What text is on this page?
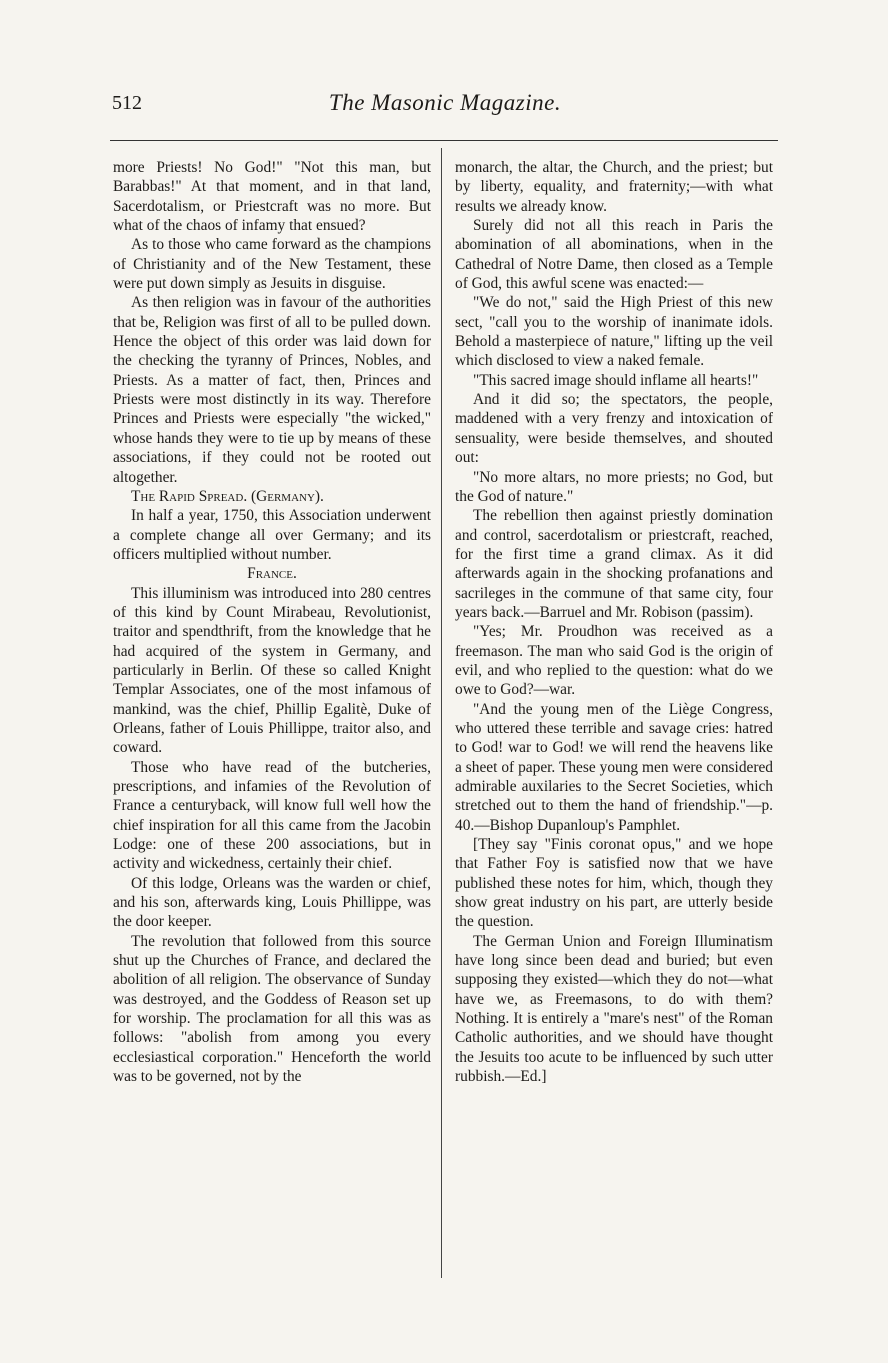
512	The Masonic Magazine.

more Priests! No God!" "Not this man, but Barabbas!" At that moment, and in that land, Sacerdotalism, or Priestcraft was no more. But what of the chaos of infamy that ensued?

As to those who came forward as the champions of Christianity and of the New Testament, these were put down simply as Jesuits in disguise.

As then religion was in favour of the authorities that be, Religion was first of all to be pulled down. Hence the object of this order was laid down for the checking the tyranny of Princes, Nobles, and Priests. As a matter of fact, then, Princes and Priests were most distinctly in its way. Therefore Princes and Priests were especially "the wicked," whose hands they were to tie up by means of these associations, if they could not be rooted out altogether.

The Rapid Spread. (Germany).

In half a year, 1750, this Association underwent a complete change all over Germany; and its officers multiplied without number.

France.

This illuminism was introduced into 280 centres of this kind by Count Mirabeau, Revolutionist, traitor and spendthrift, from the knowledge that he had acquired of the system in Germany, and particularly in Berlin. Of these so called Knight Templar Associates, one of the most infamous of mankind, was the chief, Phillip Egalitè, Duke of Orleans, father of Louis Phillippe, traitor also, and coward.

Those who have read of the butcheries, prescriptions, and infamies of the Revolution of France a centuryback, will know full well how the chief inspiration for all this came from the Jacobin Lodge: one of these 200 associations, but in activity and wickedness, certainly their chief.

Of this lodge, Orleans was the warden or chief, and his son, afterwards king, Louis Phillippe, was the door keeper.

The revolution that followed from this source shut up the Churches of France, and declared the abolition of all religion. The observance of Sunday was destroyed, and the Goddess of Reason set up for worship. The proclamation for all this was as follows: "abolish from among you every ecclesiastical corporation." Henceforth the world was to be governed, not by the

monarch, the altar, the Church, and the priest; but by liberty, equality, and fraternity;—with what results we already know.

Surely did not all this reach in Paris the abomination of all abominations, when in the Cathedral of Notre Dame, then closed as a Temple of God, this awful scene was enacted:—

"We do not," said the High Priest of this new sect, "call you to the worship of inanimate idols. Behold a masterpiece of nature," lifting up the veil which disclosed to view a naked female.

"This sacred image should inflame all hearts!"

And it did so; the spectators, the people, maddened with a very frenzy and intoxication of sensuality, were beside themselves, and shouted out:

"No more altars, no more priests; no God, but the God of nature."

The rebellion then against priestly domination and control, sacerdotalism or priestcraft, reached, for the first time a grand climax. As it did afterwards again in the shocking profanations and sacrileges in the commune of that same city, four years back.—Barruel and Mr. Robison (passim).

"Yes; Mr. Proudhon was received as a freemason. The man who said God is the origin of evil, and who replied to the question: what do we owe to God?—war.

"And the young men of the Liège Congress, who uttered these terrible and savage cries: hatred to God! war to God! we will rend the heavens like a sheet of paper. These young men were considered admirable auxilaries to the Secret Societies, which stretched out to them the hand of friendship."—p. 40.—Bishop Dupanloup's Pamphlet.

[They say "Finis coronat opus," and we hope that Father Foy is satisfied now that we have published these notes for him, which, though they show great industry on his part, are utterly beside the question.

The German Union and Foreign Illuminatism have long since been dead and buried; but even supposing they existed—which they do not—what have we, as Freemasons, to do with them? Nothing. It is entirely a "mare's nest" of the Roman Catholic authorities, and we should have thought the Jesuits too acute to be influenced by such utter rubbish.—Ed.]
